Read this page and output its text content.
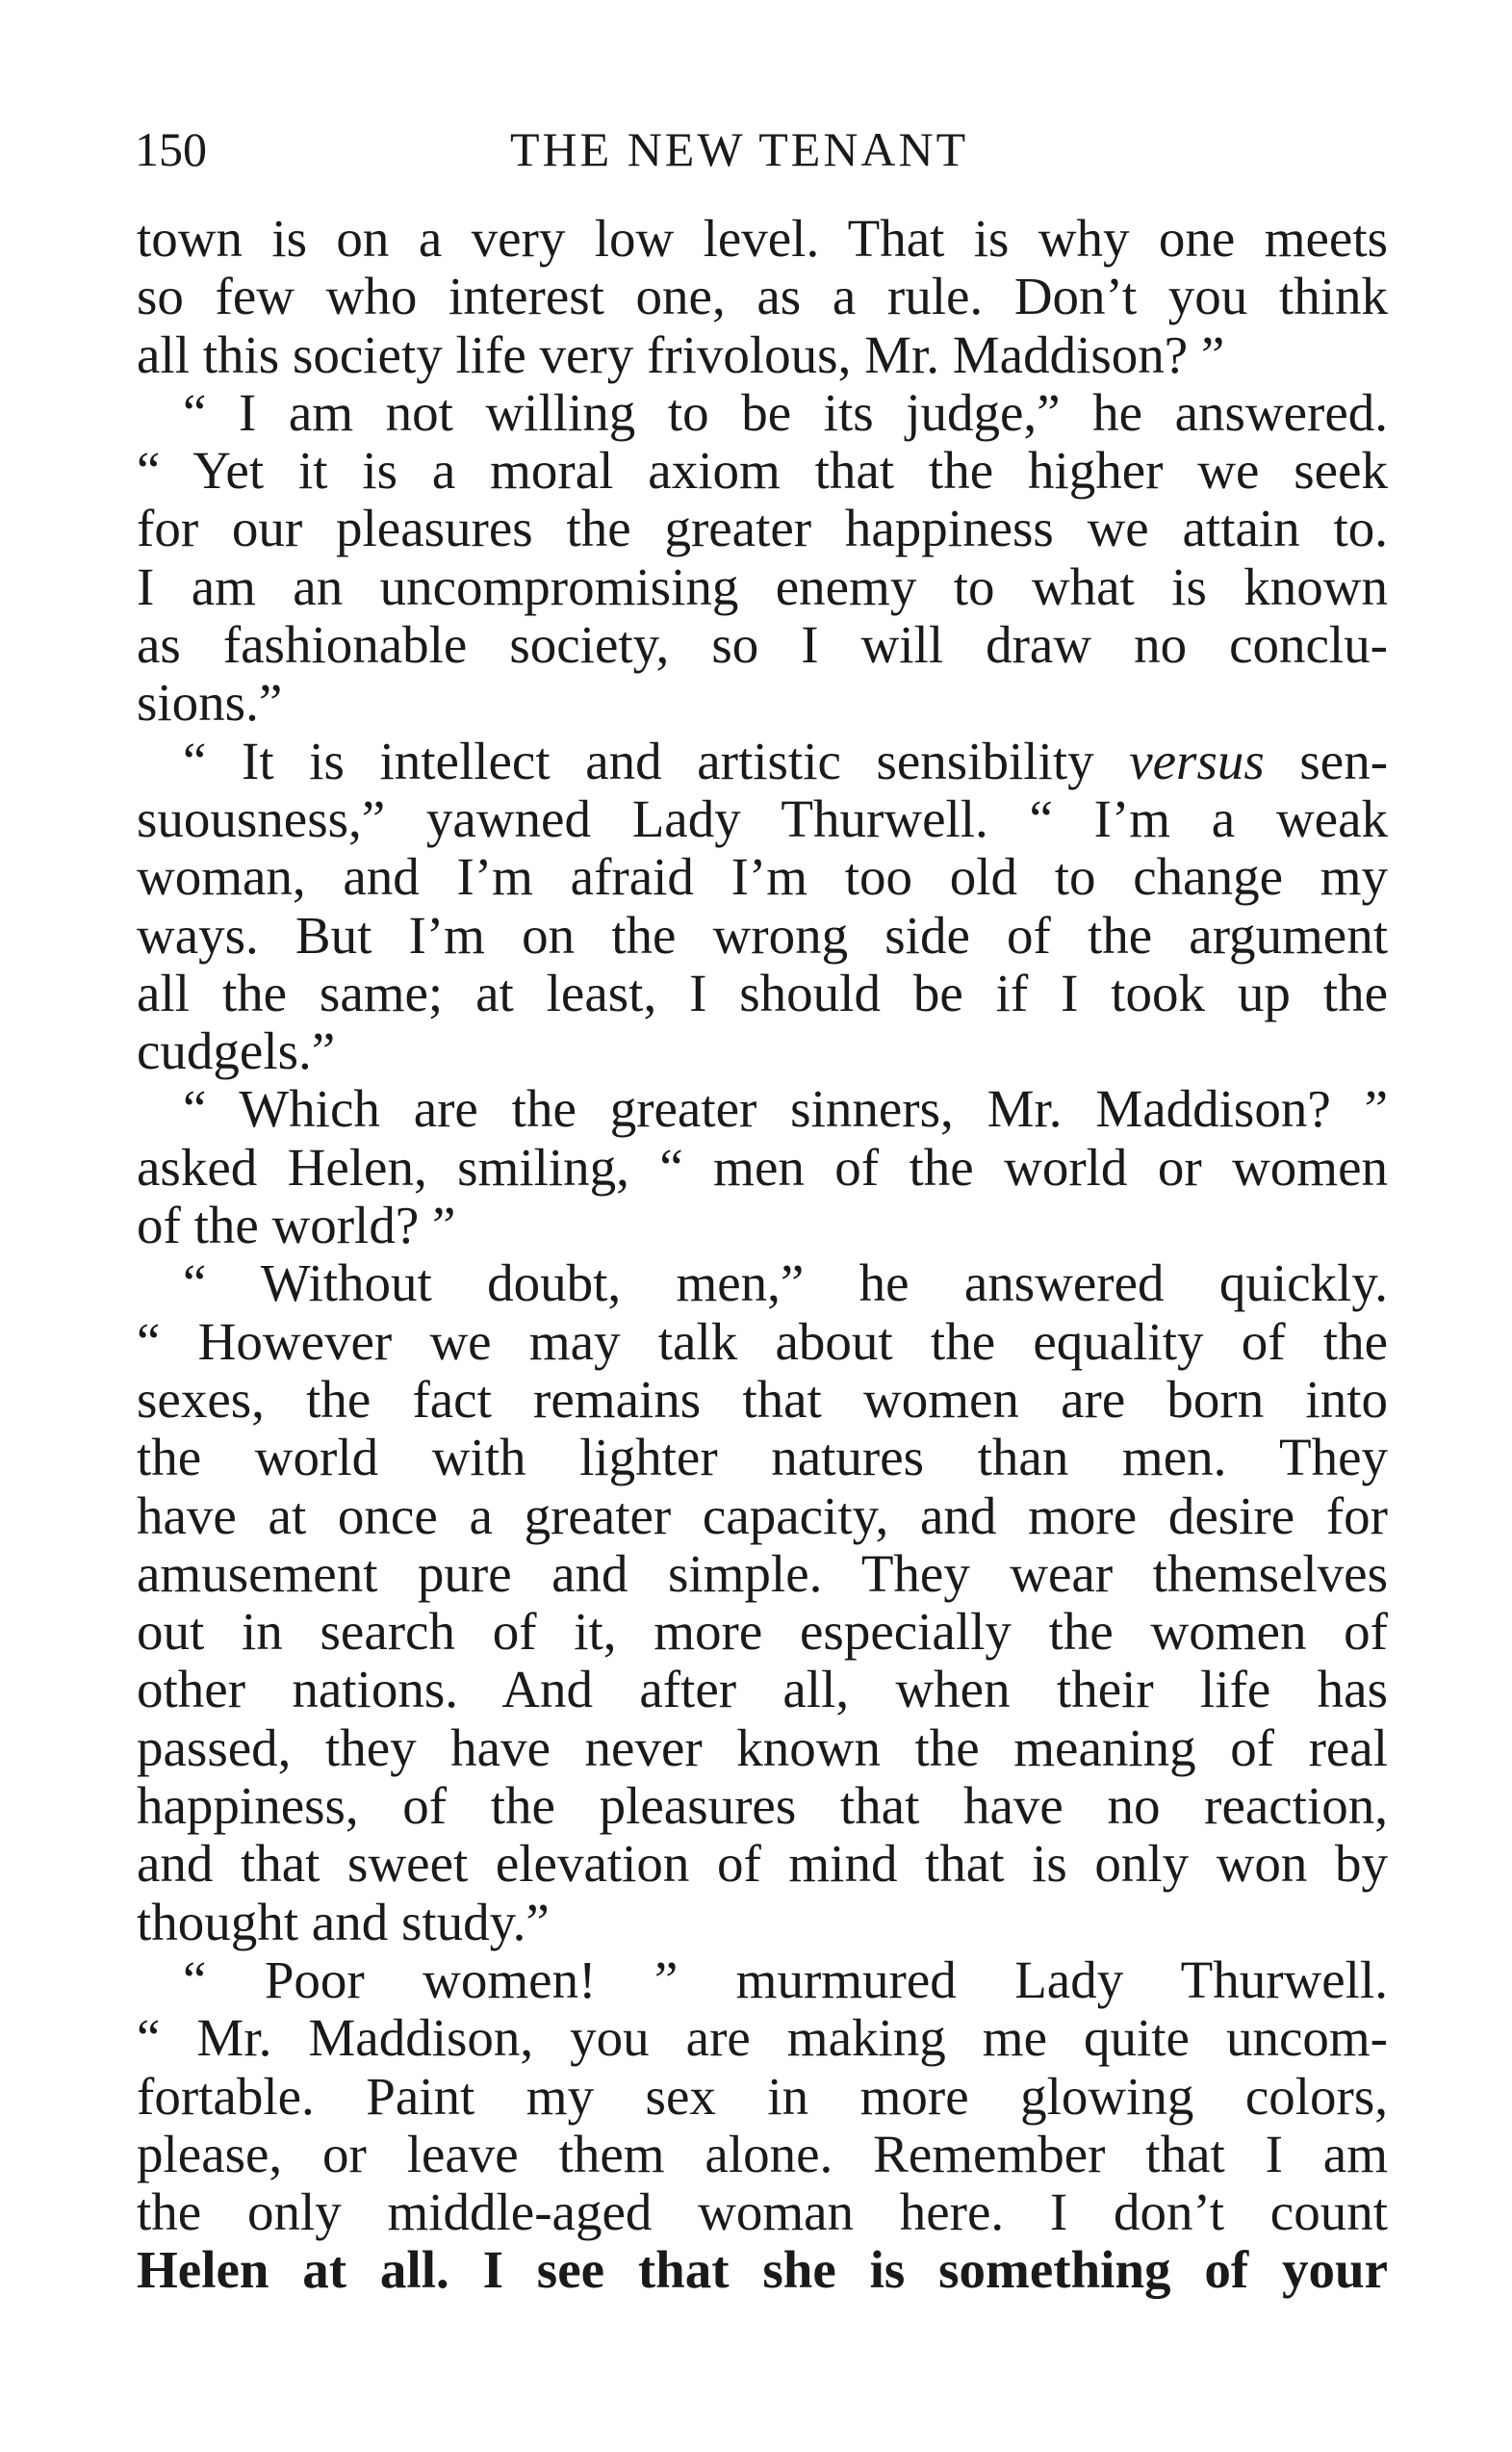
150	THE NEW TENANT
town is on a very low level. That is why one meets
so few who interest one, as a rule. Don’t you think
all this society life very frivolous, Mr. Maddison? ”
“ I am not willing to be its judge,” he answered.
“ Yet it is a moral axiom that the higher we seek
for our pleasures the greater happiness we attain to.
I am an uncompromising enemy to what is known
as fashionable society, so I will draw no conclu-
sions.”
“ It is intellect and artistic sensibility versus sen-
suousness,” yawned Lady Thurwell. “ I’m a weak
woman, and I’m afraid I’m too old to change my
ways. But I’m on the wrong side of the argument
all the same; at least, I should be if I took up the
cudgels.”
“ Which are the greater sinners, Mr. Maddison? ”
asked Helen, smiling, “ men of the world or women
of the world? ”
“ Without doubt, men,” he answered quickly.
“ However we may talk about the equality of the
sexes, the fact remains that women are born into
the world with lighter natures than men. They
have at once a greater capacity, and more desire for
amusement pure and simple. They wear themselves
out in search of it, more especially the women of
other nations. And after all, when their life has
passed, they have never known the meaning of real
happiness, of the pleasures that have no reaction,
and that sweet elevation of mind that is only won by
thought and study.”
“ Poor women! ” murmured Lady Thurwell.
“ Mr. Maddison, you are making me quite uncom-
fortable. Paint my sex in more glowing colors,
please, or leave them alone. Remember that I am
the only middle-aged woman here. I don’t count
Helen at all. I see that she is something of your
